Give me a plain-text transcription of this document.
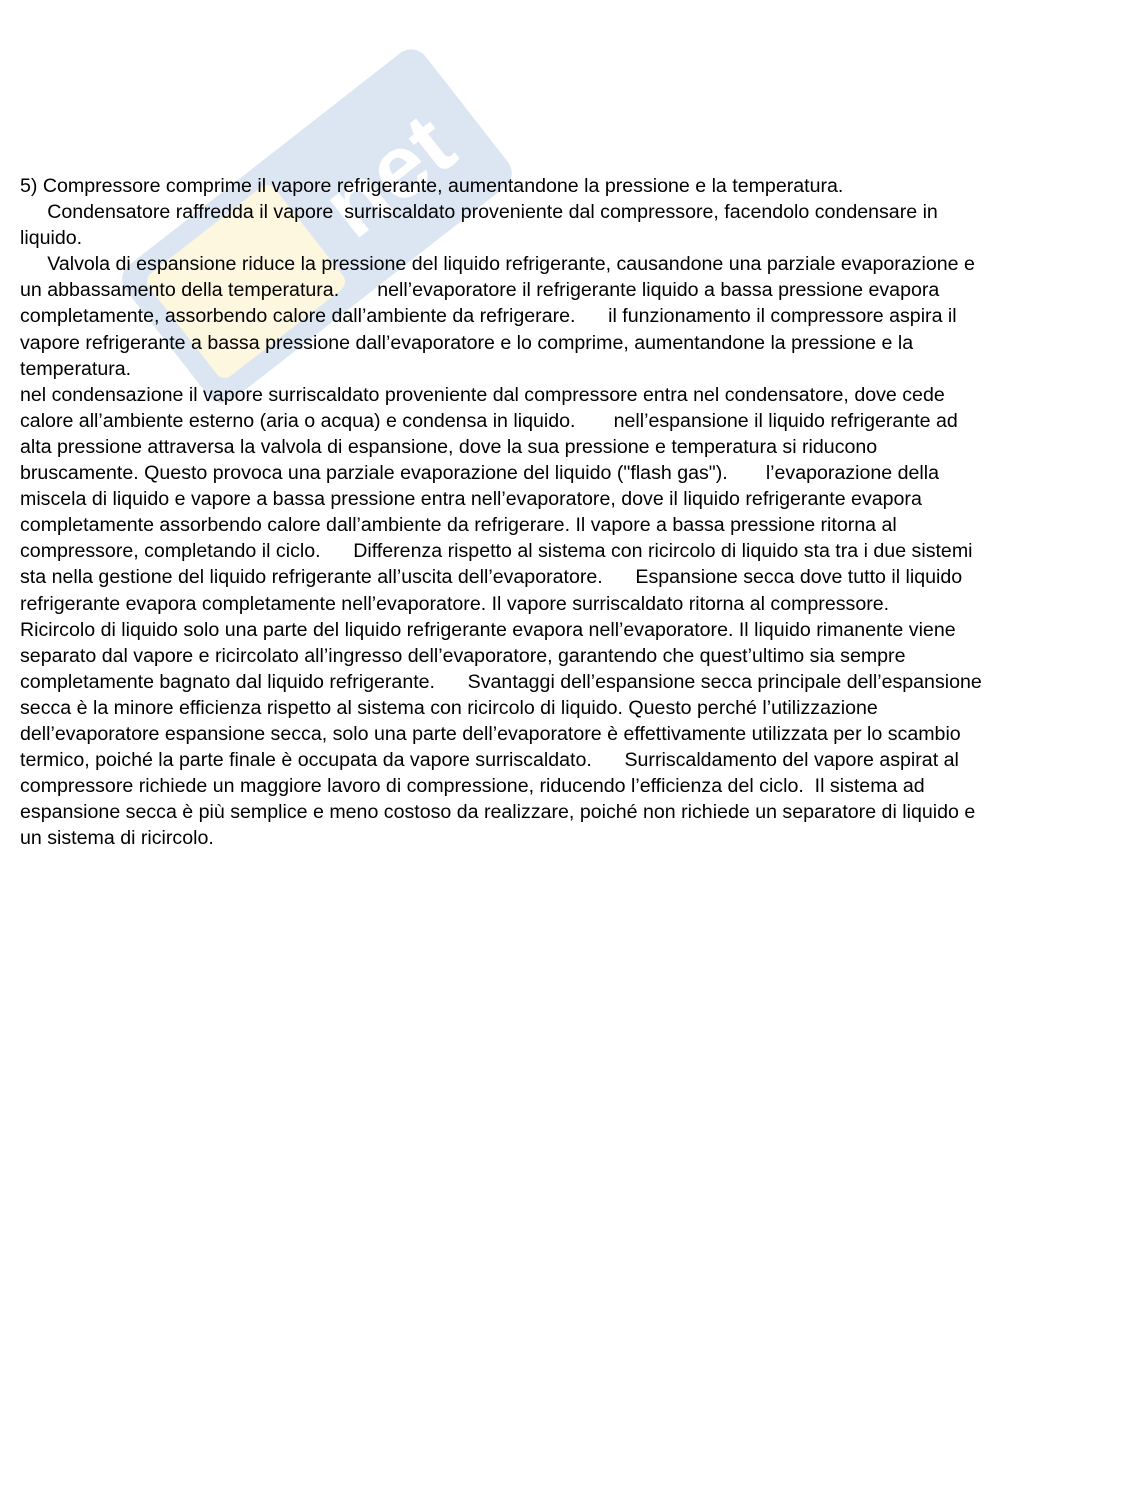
net
5) Compressore comprime il vapore refrigerante, aumentandone la pressione e la temperatura.
Condensatore raffredda il vapore  surriscaldato proveniente dal compressore, facendolo condensare in
liquido.
Valvola di espansione riduce la pressione del liquido refrigerante, causandone una parziale evaporazione e
un abbassamento della temperatura.       nell’evaporatore il refrigerante liquido a bassa pressione evapora
completamente, assorbendo calore dall’ambiente da refrigerare.      il funzionamento il compressore aspira il
vapore refrigerante a bassa pressione dall’evaporatore e lo comprime, aumentandone la pressione e la
temperatura.
nel condensazione il vapore surriscaldato proveniente dal compressore entra nel condensatore, dove cede
calore all’ambiente esterno (aria o acqua) e condensa in liquido.       nell’espansione il liquido refrigerante ad
alta pressione attraversa la valvola di espansione, dove la sua pressione e temperatura si riducono
bruscamente. Questo provoca una parziale evaporazione del liquido ("flash gas").       l’evaporazione della
miscela di liquido e vapore a bassa pressione entra nell’evaporatore, dove il liquido refrigerante evapora
completamente assorbendo calore dall’ambiente da refrigerare. Il vapore a bassa pressione ritorna al
compressore, completando il ciclo.      Differenza rispetto al sistema con ricircolo di liquido sta tra i due sistemi
sta nella gestione del liquido refrigerante all’uscita dell’evaporatore.      Espansione secca dove tutto il liquido
refrigerante evapora completamente nell’evaporatore. Il vapore surriscaldato ritorna al compressore.
Ricircolo di liquido solo una parte del liquido refrigerante evapora nell’evaporatore. Il liquido rimanente viene
separato dal vapore e ricircolato all’ingresso dell’evaporatore, garantendo che quest’ultimo sia sempre
completamente bagnato dal liquido refrigerante.      Svantaggi dell’espansione secca principale dell’espansione
secca è la minore efficienza rispetto al sistema con ricircolo di liquido. Questo perché l’utilizzazione
dell’evaporatore espansione secca, solo una parte dell’evaporatore è effettivamente utilizzata per lo scambio
termico, poiché la parte finale è occupata da vapore surriscaldato.      Surriscaldamento del vapore aspirat al
compressore richiede un maggiore lavoro di compressione, riducendo l’efficienza del ciclo.  Il sistema ad
espansione secca è più semplice e meno costoso da realizzare, poiché non richiede un separatore di liquido e
un sistema di ricircolo.
